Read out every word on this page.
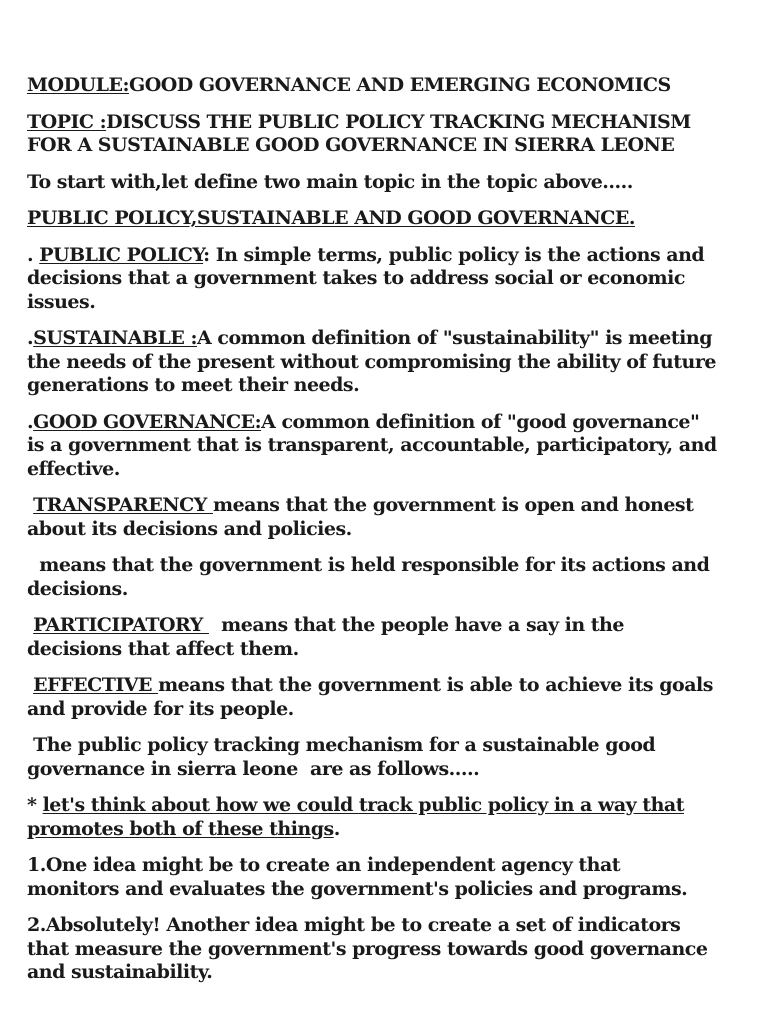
MODULE:GOOD GOVERNANCE AND EMERGING ECONOMICS

TOPIC :DISCUSS THE PUBLIC POLICY TRACKING MECHANISM FOR A SUSTAINABLE GOOD GOVERNANCE IN SIERRA LEONE

To start with,let define two main topic in the topic above.....

PUBLIC POLICY,SUSTAINABLE AND GOOD GOVERNANCE.

. PUBLIC POLICY: In simple terms, public policy is the actions and decisions that a government takes to address social or economic issues.

.SUSTAINABLE :A common definition of "sustainability" is meeting the needs of the present without compromising the ability of future generations to meet their needs.

.GOOD GOVERNANCE:A common definition of "good governance" is a government that is transparent, accountable, participatory, and effective.

TRANSPARENCY means that the government is open and honest about its decisions and policies.

means that the government is held responsible for its actions and decisions.

PARTICIPATORY   means that the people have a say in the decisions that affect them.

EFFECTIVE means that the government is able to achieve its goals and provide for its people.

The public policy tracking mechanism for a sustainable good governance in sierra leone  are as follows.....

* let's think about how we could track public policy in a way that promotes both of these things.

1.One idea might be to create an independent agency that monitors and evaluates the government's policies and programs.

2.Absolutely! Another idea might be to create a set of indicators that measure the government's progress towards good governance and sustainability.
